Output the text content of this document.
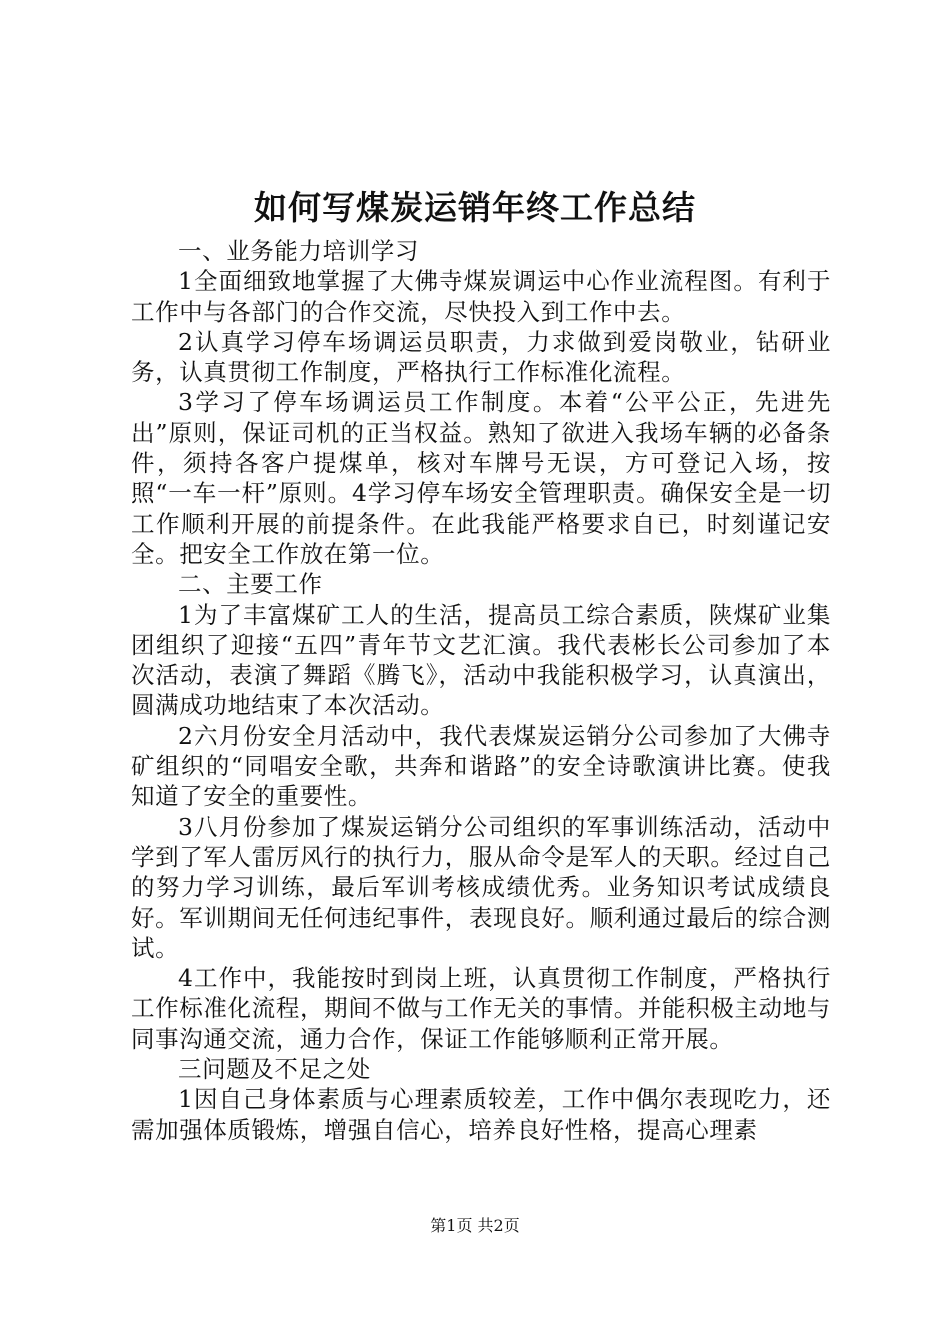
如何写煤炭运销年终工作总结

一、业务能力培训学习

1全面细致地掌握了大佛寺煤炭调运中心作业流程图。有利于工作中与各部门的合作交流，尽快投入到工作中去。

2认真学习停车场调运员职责，力求做到爱岗敬业，钻研业务，认真贯彻工作制度，严格执行工作标准化流程。

3学习了停车场调运员工作制度。本着“公平公正，先进先出”原则，保证司机的正当权益。熟知了欲进入我场车辆的必备条件，须持各客户提煤单，核对车牌号无误，方可登记入场，按照“一车一杆”原则。4学习停车场安全管理职责。确保安全是一切工作顺利开展的前提条件。在此我能严格要求自已，时刻谨记安全。把安全工作放在第一位。

二、主要工作

1为了丰富煤矿工人的生活，提高员工综合素质，陕煤矿业集团组织了迎接“五四”青年节文艺汇演。我代表彬长公司参加了本次活动，表演了舞蹈《腾飞》，活动中我能积极学习，认真演出，圆满成功地结束了本次活动。

2六月份安全月活动中，我代表煤炭运销分公司参加了大佛寺矿组织的“同唱安全歌，共奔和谐路”的安全诗歌演讲比赛。使我知道了安全的重要性。

3八月份参加了煤炭运销分公司组织的军事训练活动，活动中学到了军人雷厉风行的执行力，服从命令是军人的天职。经过自己的努力学习训练，最后军训考核成绩优秀。业务知识考试成绩良好。军训期间无任何违纪事件，表现良好。顺利通过最后的综合测试。

4工作中，我能按时到岗上班，认真贯彻工作制度，严格执行工作标准化流程，期间不做与工作无关的事情。并能积极主动地与同事沟通交流，通力合作，保证工作能够顺利正常开展。

三问题及不足之处

1因自己身体素质与心理素质较差，工作中偶尔表现吃力，还需加强体质锻炼，增强自信心，培养良好性格，提高心理素

第1页 共2页
